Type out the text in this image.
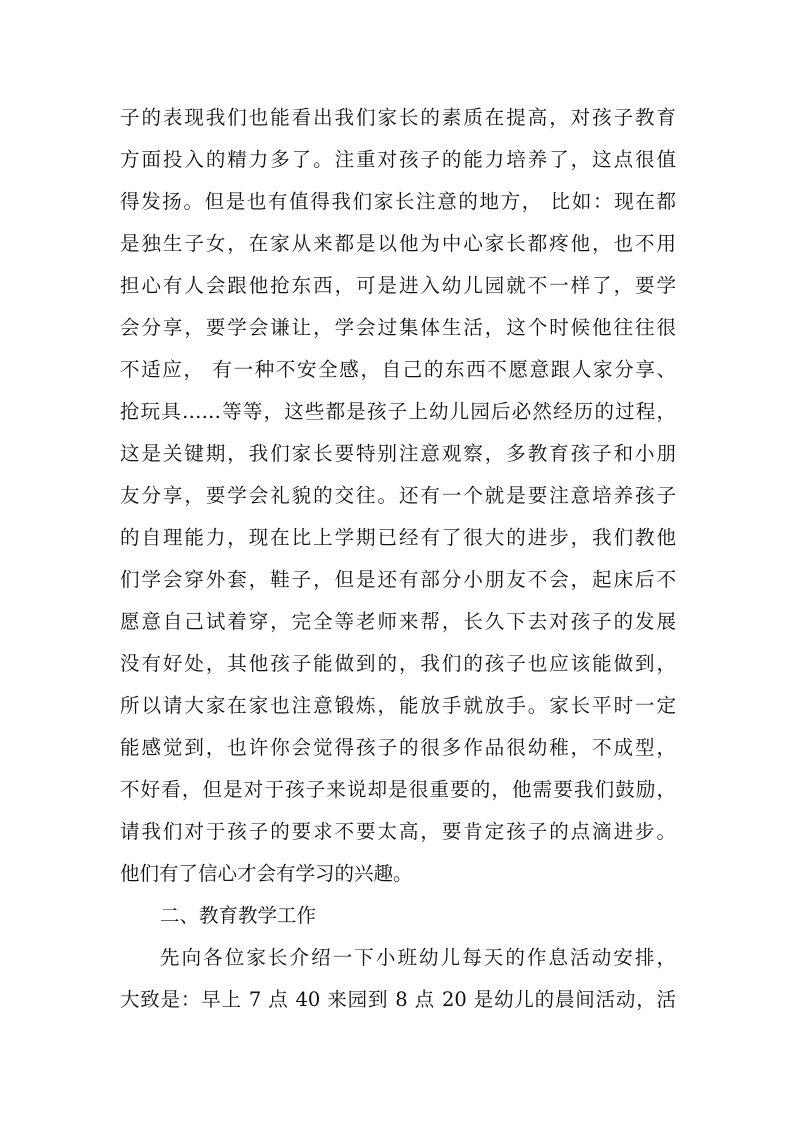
子的表现我们也能看出我们家长的素质在提高，对孩子教育
方面投入的精力多了。注重对孩子的能力培养了，这点很值
得发扬。但是也有值得我们家长注意的地方， 比如：现在都
是独生子女，在家从来都是以他为中心家长都疼他，也不用
担心有人会跟他抢东西，可是进入幼儿园就不一样了，要学
会分享，要学会谦让，学会过集体生活，这个时候他往往很
不适应， 有一种不安全感，自己的东西不愿意跟人家分享、
抢玩具……等等，这些都是孩子上幼儿园后必然经历的过程，
这是关键期，我们家长要特别注意观察，多教育孩子和小朋
友分享，要学会礼貌的交往。还有一个就是要注意培养孩子
的自理能力，现在比上学期已经有了很大的进步，我们教他
们学会穿外套，鞋子，但是还有部分小朋友不会，起床后不
愿意自己试着穿，完全等老师来帮，长久下去对孩子的发展
没有好处，其他孩子能做到的，我们的孩子也应该能做到，
所以请大家在家也注意锻炼，能放手就放手。家长平时一定
能感觉到，也许你会觉得孩子的很多作品很幼稚，不成型，
不好看，但是对于孩子来说却是很重要的，他需要我们鼓励，
请我们对于孩子的要求不要太高，要肯定孩子的点滴进步。
他们有了信心才会有学习的兴趣。
二、教育教学工作
先向各位家长介绍一下小班幼儿每天的作息活动安排，
大致是：早上 7 点 40 来园到 8 点 20 是幼儿的晨间活动，活
